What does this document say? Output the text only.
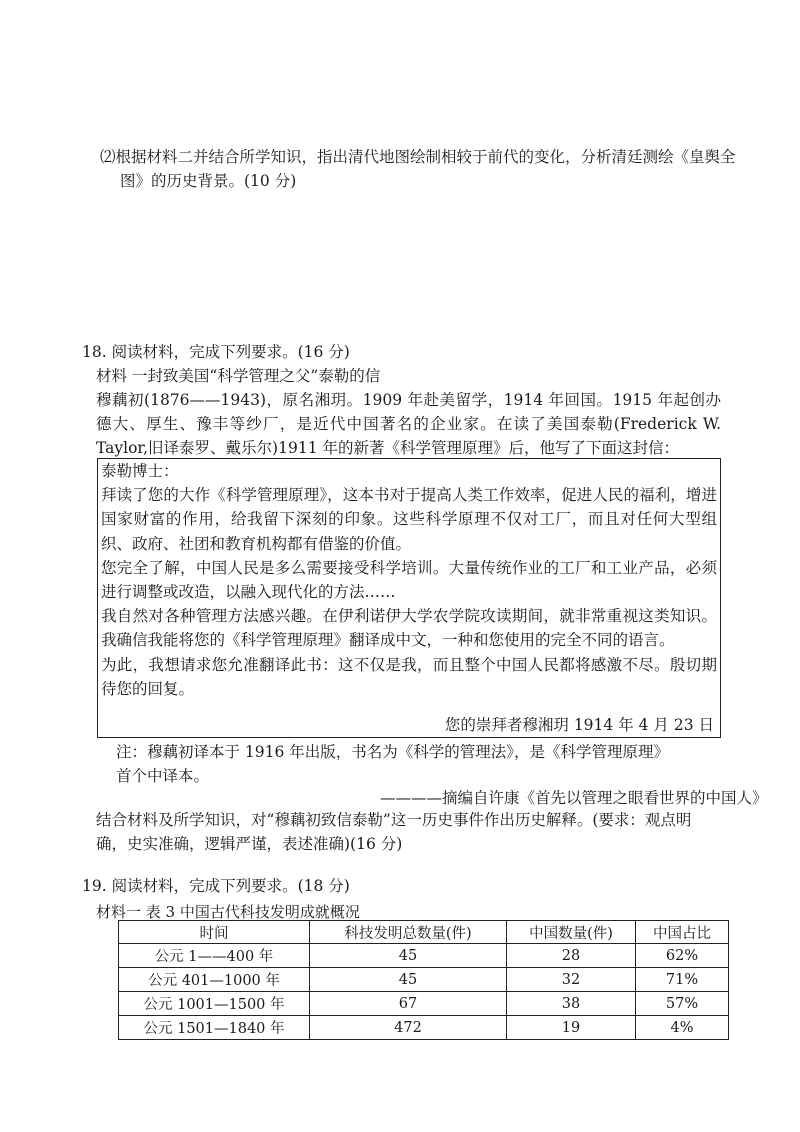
⑵根据材料二并结合所学知识，指出清代地图绘制相较于前代的变化，分析清廷测绘《皇舆全
图》的历史背景。(10 分)
18. 阅读材料，完成下列要求。(16 分)
材料 一封致美国“科学管理之父”泰勒的信
穆藕初(1876——1943)，原名湘玥。1909 年赴美留学，1914 年回国。1915 年起创办德大、厚生、豫丰等纱厂，是近代中国著名的企业家。在读了美国泰勒(Frederick W. Taylor,旧译泰罗、戴乐尔)1911 年的新著《科学管理原理》后，他写了下面这封信：

泰勒博士：

拜读了您的大作《科学管理原理》，这本书对于提高人类工作效率，促进人民的福利，增进国家财富的作用，给我留下深刻的印象。这些科学原理不仅对工厂，而且对任何大型组织、政府、社团和教育机构都有借鉴的价值。

您完全了解，中国人民是多么需要接受科学培训。大量传统作业的工厂和工业产品，必须进行调整或改造，以融入现代化的方法……

我自然对各种管理方法感兴趣。在伊利诺伊大学农学院攻读期间，就非常重视这类知识。我确信我能将您的《科学管理原理》翻译成中文，一种和您使用的完全不同的语言。

为此，我想请求您允准翻译此书：这不仅是我，而且整个中国人民都将感激不尽。殷切期待您的回复。

您的崇拜者穆湘玥 1914 年 4 月 23 日
注：穆藕初译本于 1916 年出版，书名为《科学的管理法》，是《科学管理原理》
首个中译本。
————摘编自许康《首先以管理之眼看世界的中国人》
结合材料及所学知识，对“穆藕初致信泰勒”这一历史事件作出历史解释。(要求：观点明确，史实准确，逻辑严谨，表述准确)(16 分)
19. 阅读材料，完成下列要求。(18 分)
材料一 表 3 中国古代科技发明成就概况
时间	科技发明总数量(件)	中国数量(件)	中国占比
公元 1——400 年	45	28	62%
公元 401—1000 年	45	32	71%
公元 1001—1500 年	67	38	57%
公元 1501—1840 年	472	19	4%
